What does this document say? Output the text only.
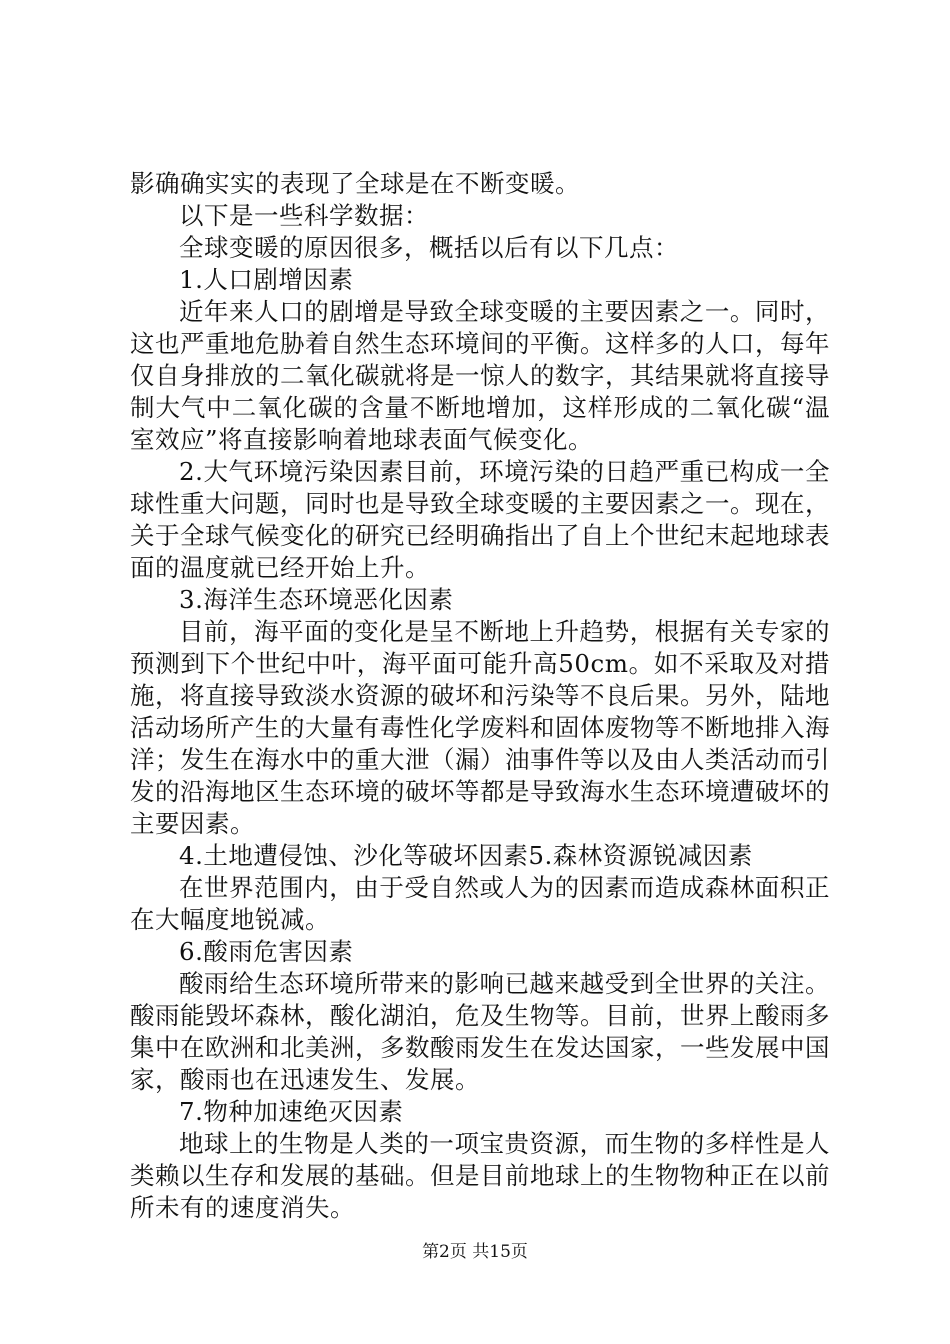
影确确实实的表现了全球是在不断变暖。

以下是一些科学数据：

全球变暖的原因很多，概括以后有以下几点：

1.人口剧增因素

近年来人口的剧增是导致全球变暖的主要因素之一。同时，这也严重地危胁着自然生态环境间的平衡。这样多的人口，每年仅自身排放的二氧化碳就将是一惊人的数字，其结果就将直接导制大气中二氧化碳的含量不断地增加，这样形成的二氧化碳“温室效应”将直接影响着地球表面气候变化。

2.大气环境污染因素目前，环境污染的日趋严重已构成一全球性重大问题，同时也是导致全球变暖的主要因素之一。现在，关于全球气候变化的研究已经明确指出了自上个世纪末起地球表面的温度就已经开始上升。

3.海洋生态环境恶化因素

目前，海平面的变化是呈不断地上升趋势，根据有关专家的预测到下个世纪中叶，海平面可能升高50cm。如不采取及对措施，将直接导致淡水资源的破坏和污染等不良后果。另外，陆地活动场所产生的大量有毒性化学废料和固体废物等不断地排入海洋；发生在海水中的重大泄（漏）油事件等以及由人类活动而引发的沿海地区生态环境的破坏等都是导致海水生态环境遭破坏的主要因素。

4.土地遭侵蚀、沙化等破坏因素5.森林资源锐减因素

在世界范围内，由于受自然或人为的因素而造成森林面积正在大幅度地锐减。

6.酸雨危害因素

酸雨给生态环境所带来的影响已越来越受到全世界的关注。酸雨能毁坏森林，酸化湖泊，危及生物等。目前，世界上酸雨多集中在欧洲和北美洲，多数酸雨发生在发达国家，一些发展中国家，酸雨也在迅速发生、发展。

7.物种加速绝灭因素

地球上的生物是人类的一项宝贵资源，而生物的多样性是人类赖以生存和发展的基础。但是目前地球上的生物物种正在以前所未有的速度消失。

第2页 共15页
